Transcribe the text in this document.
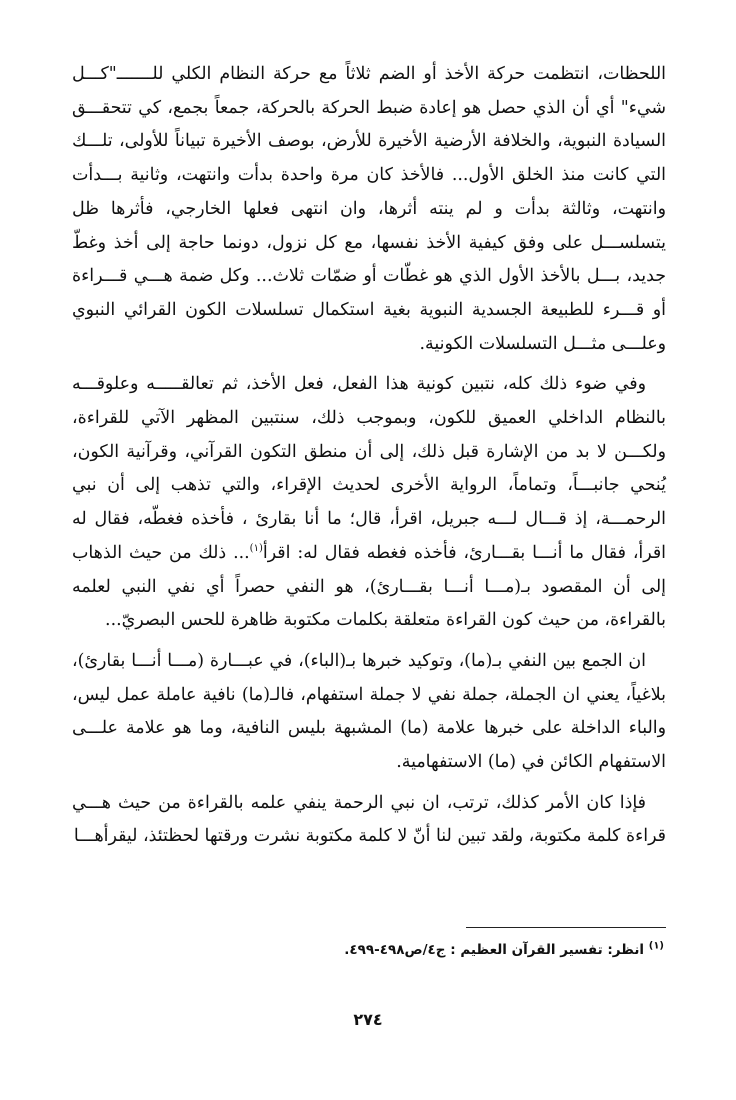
اللحظات، انتظمت حركة الأخذ أو الضم ثلاثاً مع حركة النظام الكلي للـــــــ"كـــل شيء" أي أن الذي حصل هو إعادة ضبط الحركة بالحركة، جمعاً بجمع، كي تتحقـــق السيادة النبوية، والخلافة الأرضية الأخيرة للأرض، بوصف الأخيرة تبياناً للأولى، تلـــك التي كانت منذ الخلق الأول... فالأخذ كان مرة واحدة بدأت وانتهت، وثانية بـــدأت وانتهت، وثالثة بدأت و لم ينته أثرها، وان انتهى فعلها الخارجي، فأثرها ظل يتسلســـل على وفق كيفية الأخذ نفسها، مع كل نزول، دونما حاجة إلى أخذ وغطّ جديد، بـــل بالأخذ الأول الذي هو غطّات أو ضمّات ثلاث... وكل ضمة هـــي قـــراءة أو قـــرء للطبيعة الجسدية النبوية بغية استكمال تسلسلات الكون القرائي النبوي وعلـــى مثـــل التسلسلات الكونية.

وفي ضوء ذلك كله، نتبين كونية هذا الفعل، فعل الأخذ، ثم تعالقـــــه وعلوقـــه بالنظام الداخلي العميق للكون، وبموجب ذلك، سنتبين المظهر الآتي للقراءة، ولكـــن لا بد من الإشارة قبل ذلك، إلى أن منطق التكون القرآني، وقرآنية الكون، يُنحي جانبـــاً، وتماماً، الرواية الأخرى لحديث الإقراء، والتي تذهب إلى أن نبي الرحمـــة، إذ قـــال لـــه جبريل، اقرأ، قال؛ ما أنا بقارئ ، فأخذه فغطّه، فقال له اقرأ، فقال ما أنـــا بقـــارئ، فأخذه فغطه فقال له: اقرأ$^{(١)}$... ذلك من حيث الذهاب إلى أن المقصود بـ(مـــا أنـــا بقـــارئ)، هو النفي حصراً أي نفي النبي لعلمه بالقراءة، من حيث كون القراءة متعلقة بكلمات مكتوبة ظاهرة للحس البصريّ...

ان الجمع بين النفي بـ(ما)، وتوكيد خبرها بـ(الباء)، في عبـــارة (مـــا أنـــا بقارئ)، بلاغياً، يعني ان الجملة، جملة نفي لا جملة استفهام، فالـ(ما) نافية عاملة عمل ليس، والباء الداخلة على خبرها علامة (ما) المشبهة بليس النافية، وما هو علامة علـــى الاستفهام الكائن في (ما) الاستفهامية.

فإذا كان الأمر كذلك، ترتب، ان نبي الرحمة ينفي علمه بالقراءة من حيث هـــي قراءة كلمة مكتوبة، ولقد تبين لنا أنّ لا كلمة مكتوبة نشرت ورقتها لحظتئذ، ليقرأهـــا

$^{(١)}$ انظر: تفسير القرآن العظيم : ج٤/ص٤٩٨-٤٩٩.
٢٧٤
